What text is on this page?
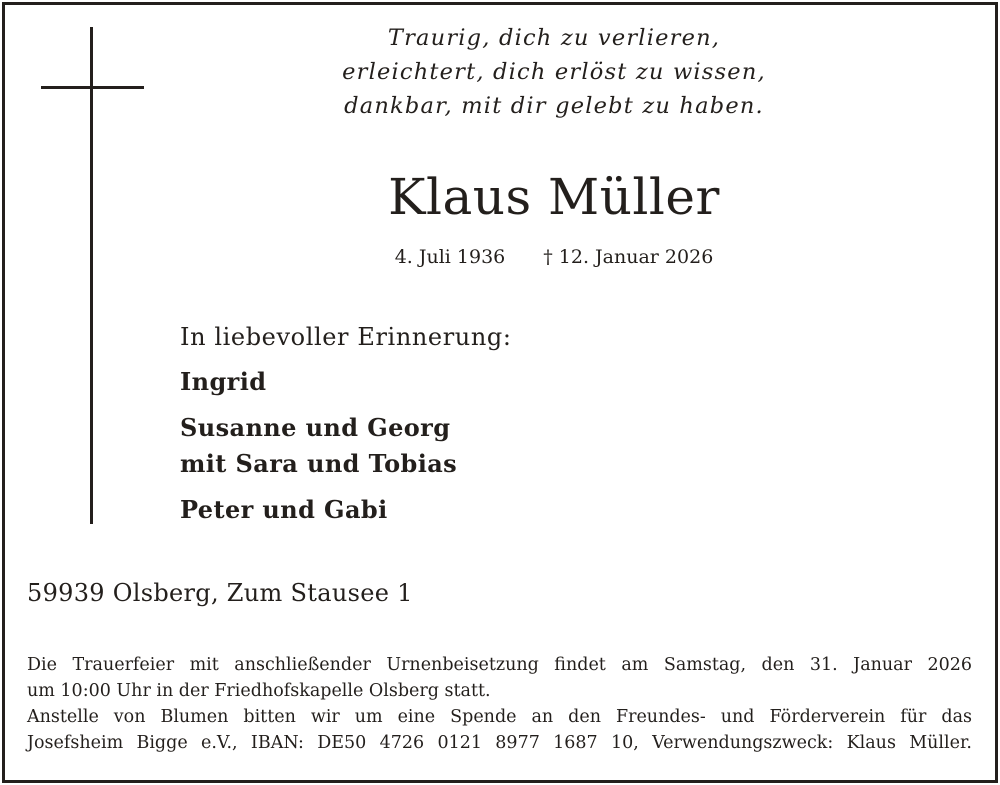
Traurig, dich zu verlieren,
erleichtert, dich erlöst zu wissen,
dankbar, mit dir gelebt zu haben.
Klaus Müller
4. Juli 1936 † 12. Januar 2026
In liebevoller Erinnerung:
Ingrid
Susanne und Georg
mit Sara und Tobias
Peter und Gabi
59939 Olsberg, Zum Stausee 1
Die Trauerfeier mit anschließender Urnenbeisetzung findet am Samstag, den 31. Januar 2026
um 10:00 Uhr in der Friedhofskapelle Olsberg statt.
Anstelle von Blumen bitten wir um eine Spende an den Freundes- und Förderverein für das
Josefsheim Bigge e.V., IBAN: DE50 4726 0121 8977 1687 10, Verwendungszweck: Klaus Müller.
